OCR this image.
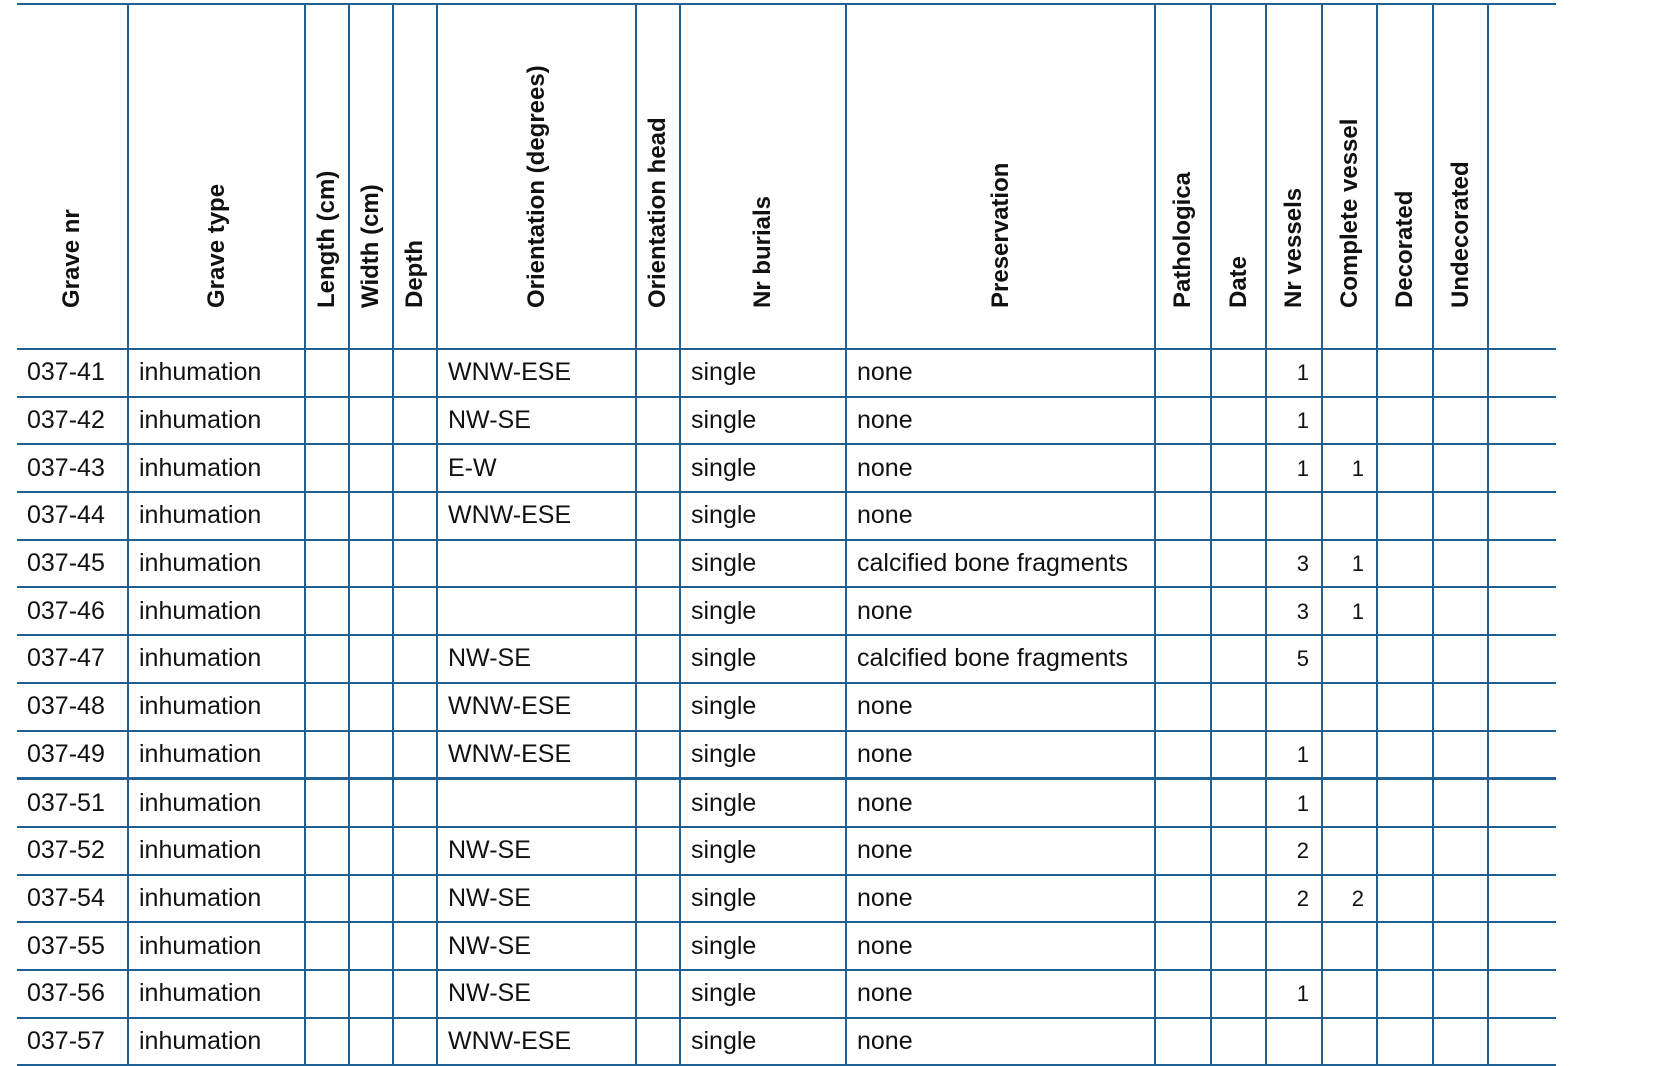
Grave nr	Grave type	Length (cm)	Width (cm)	Depth	Orientation (degrees)	Orientation head	Nr burials	Preservation	Pathologica	Date	Nr vessels	Complete vessel	Decorated	Undecorated	

037-41	inhumation				WNW-ESE		single	none			1				
037-42	inhumation				NW-SE		single	none			1				
037-43	inhumation				E-W		single	none			1	1			
037-44	inhumation				WNW-ESE		single	none							
037-45	inhumation						single	calcified bone fragments			3	1			
037-46	inhumation						single	none			3	1			
037-47	inhumation				NW-SE		single	calcified bone fragments			5				
037-48	inhumation				WNW-ESE		single	none							
037-49	inhumation				WNW-ESE		single	none			1				
037-51	inhumation						single	none			1				
037-52	inhumation				NW-SE		single	none			2				
037-54	inhumation				NW-SE		single	none			2	2			
037-55	inhumation				NW-SE		single	none							
037-56	inhumation				NW-SE		single	none			1				
037-57	inhumation				WNW-ESE		single	none							
